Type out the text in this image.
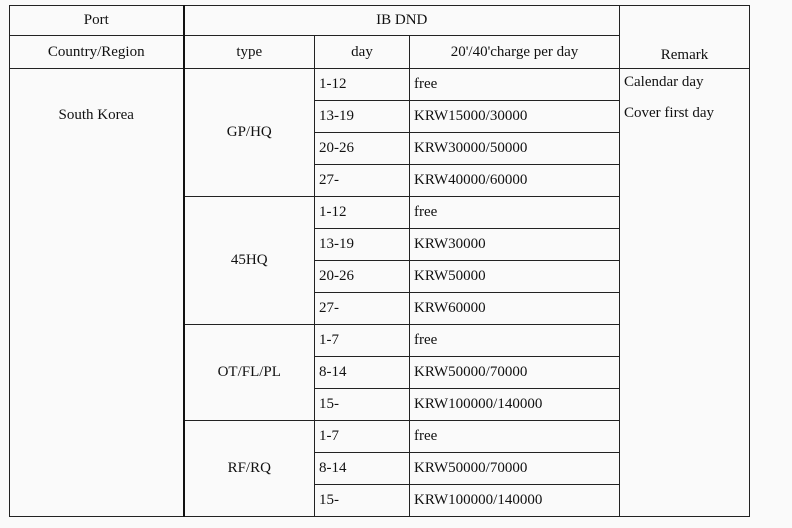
Port	IB DND			Remark
Country/Region	type	day	20'/40'charge per day	
South Korea	GP/HQ	1-12	free	Calendar day
Cover first day

		13-19	KRW15000/30000	
		20-26	KRW30000/50000	
		27-	KRW40000/60000	
	45HQ	1-12	free	
		13-19	KRW30000	
		20-26	KRW50000	
		27-	KRW60000	
	OT/FL/PL	1-7	free	
		8-14	KRW50000/70000	
		15-	KRW100000/140000	
	RF/RQ	1-7	free	
		8-14	KRW50000/70000	
		15-	KRW100000/140000	
